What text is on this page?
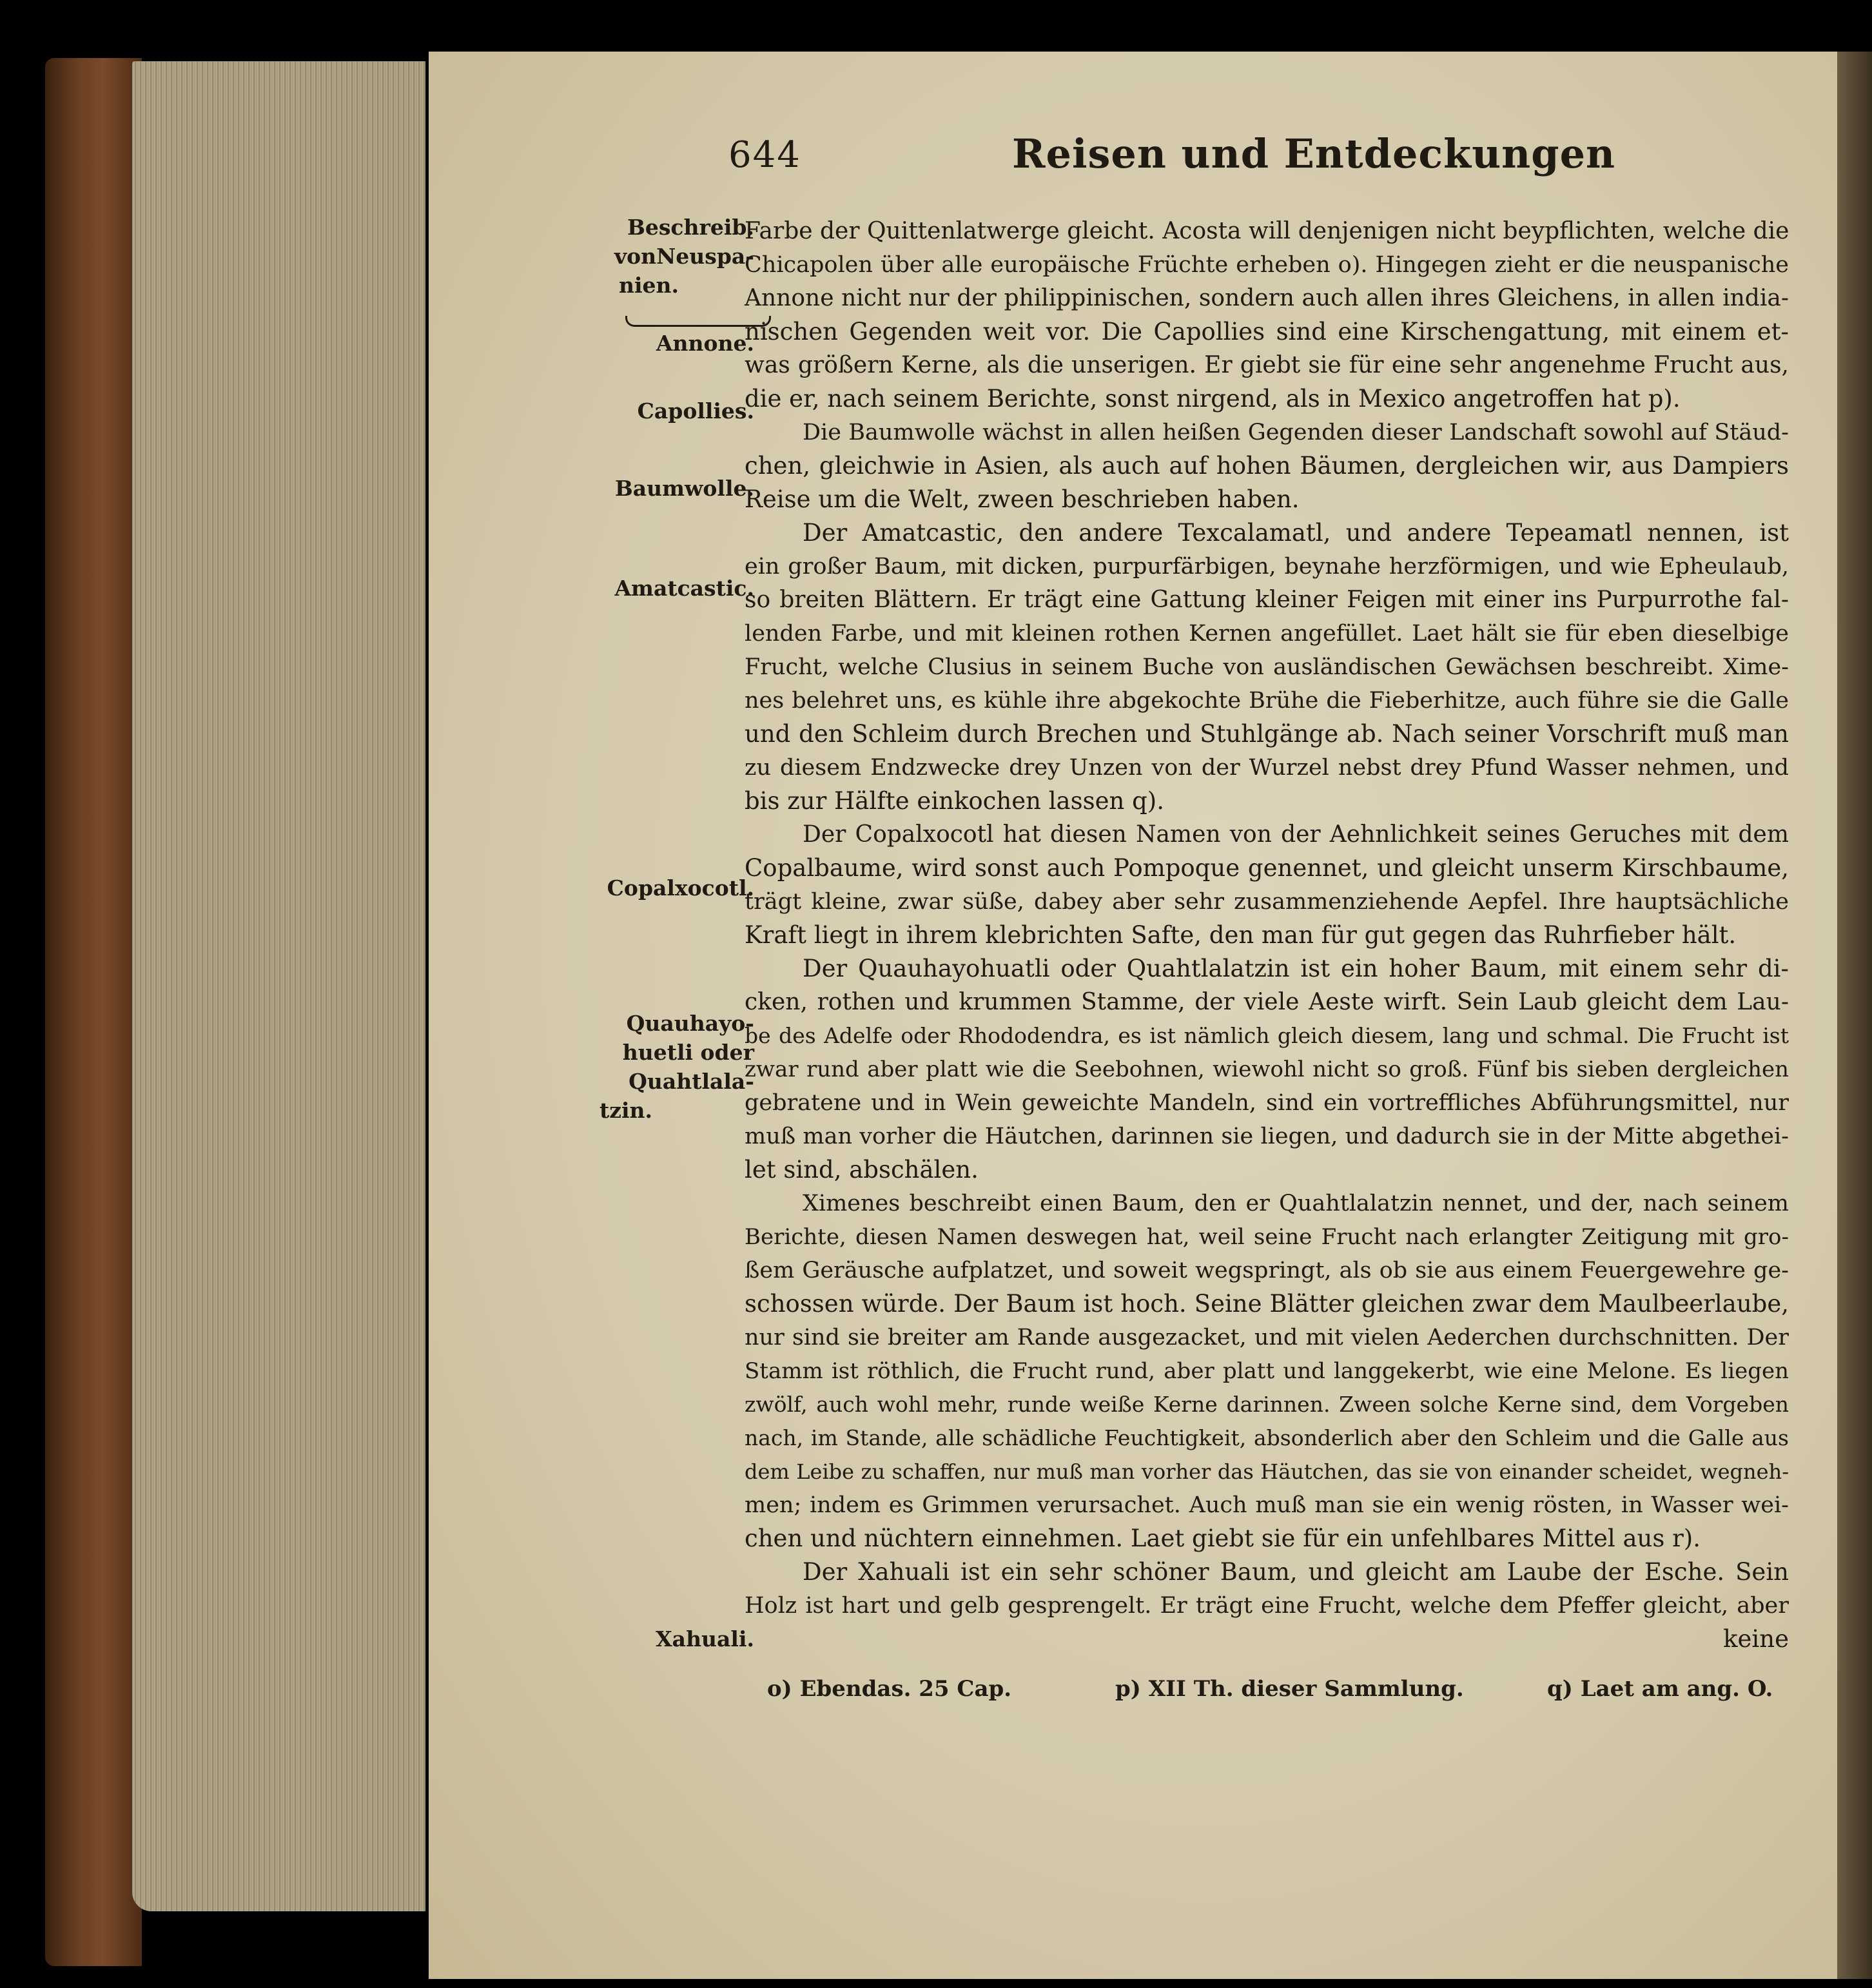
644	Reisen und Entdeckungen
Beschreib.
vonNeuspa-
nien.
Annone.
Capollies.
Baumwolle.
Amatcastic.
Copalxocotl.
Quauhayo-
huetli oder
Quahtlala-
tzin.
Xahuali.
Farbe der Quittenlatwerge gleicht. Acosta will denjenigen nicht beypflichten, welche die
Chicapolen über alle europäische Früchte erheben o). Hingegen zieht er die neuspanische
Annone nicht nur der philippinischen, sondern auch allen ihres Gleichens, in allen india-
nischen Gegenden weit vor. Die Capollies sind eine Kirschengattung, mit einem et-
was größern Kerne, als die unserigen. Er giebt sie für eine sehr angenehme Frucht aus,
die er, nach seinem Berichte, sonst nirgend, als in Mexico angetroffen hat p).
Die Baumwolle wächst in allen heißen Gegenden dieser Landschaft sowohl auf Stäud-
chen, gleichwie in Asien, als auch auf hohen Bäumen, dergleichen wir, aus Dampiers
Reise um die Welt, zween beschrieben haben.
Der Amatcastic, den andere Texcalamatl, und andere Tepeamatl nennen, ist
ein großer Baum, mit dicken, purpurfärbigen, beynahe herzförmigen, und wie Epheulaub,
so breiten Blättern. Er trägt eine Gattung kleiner Feigen mit einer ins Purpurrothe fal-
lenden Farbe, und mit kleinen rothen Kernen angefüllet. Laet hält sie für eben dieselbige
Frucht, welche Clusius in seinem Buche von ausländischen Gewächsen beschreibt. Xime-
nes belehret uns, es kühle ihre abgekochte Brühe die Fieberhitze, auch führe sie die Galle
und den Schleim durch Brechen und Stuhlgänge ab. Nach seiner Vorschrift muß man
zu diesem Endzwecke drey Unzen von der Wurzel nebst drey Pfund Wasser nehmen, und
bis zur Hälfte einkochen lassen q).
Der Copalxocotl hat diesen Namen von der Aehnlichkeit seines Geruches mit dem
Copalbaume, wird sonst auch Pompoque genennet, und gleicht unserm Kirschbaume,
trägt kleine, zwar süße, dabey aber sehr zusammenziehende Aepfel. Ihre hauptsächliche
Kraft liegt in ihrem klebrichten Safte, den man für gut gegen das Ruhrfieber hält.
Der Quauhayohuatli oder Quahtlalatzin ist ein hoher Baum, mit einem sehr di-
cken, rothen und krummen Stamme, der viele Aeste wirft. Sein Laub gleicht dem Lau-
be des Adelfe oder Rhododendra, es ist nämlich gleich diesem, lang und schmal. Die Frucht ist
zwar rund aber platt wie die Seebohnen, wiewohl nicht so groß. Fünf bis sieben dergleichen
gebratene und in Wein geweichte Mandeln, sind ein vortreffliches Abführungsmittel, nur
muß man vorher die Häutchen, darinnen sie liegen, und dadurch sie in der Mitte abgethei-
let sind, abschälen.
Ximenes beschreibt einen Baum, den er Quahtlalatzin nennet, und der, nach seinem
Berichte, diesen Namen deswegen hat, weil seine Frucht nach erlangter Zeitigung mit gro-
ßem Geräusche aufplatzet, und soweit wegspringt, als ob sie aus einem Feuergewehre ge-
schossen würde. Der Baum ist hoch. Seine Blätter gleichen zwar dem Maulbeerlaube,
nur sind sie breiter am Rande ausgezacket, und mit vielen Aederchen durchschnitten. Der
Stamm ist röthlich, die Frucht rund, aber platt und langgekerbt, wie eine Melone. Es liegen
zwölf, auch wohl mehr, runde weiße Kerne darinnen. Zween solche Kerne sind, dem Vorgeben
nach, im Stande, alle schädliche Feuchtigkeit, absonderlich aber den Schleim und die Galle aus
dem Leibe zu schaffen, nur muß man vorher das Häutchen, das sie von einander scheidet, wegneh-
men; indem es Grimmen verursachet. Auch muß man sie ein wenig rösten, in Wasser wei-
chen und nüchtern einnehmen. Laet giebt sie für ein unfehlbares Mittel aus r).
Der Xahuali ist ein sehr schöner Baum, und gleicht am Laube der Esche. Sein
Holz ist hart und gelb gesprengelt. Er trägt eine Frucht, welche dem Pfeffer gleicht, aber
keine
o) Ebendas. 25 Cap.	p) XII Th. dieser Sammlung.	q) Laet am ang. O.
